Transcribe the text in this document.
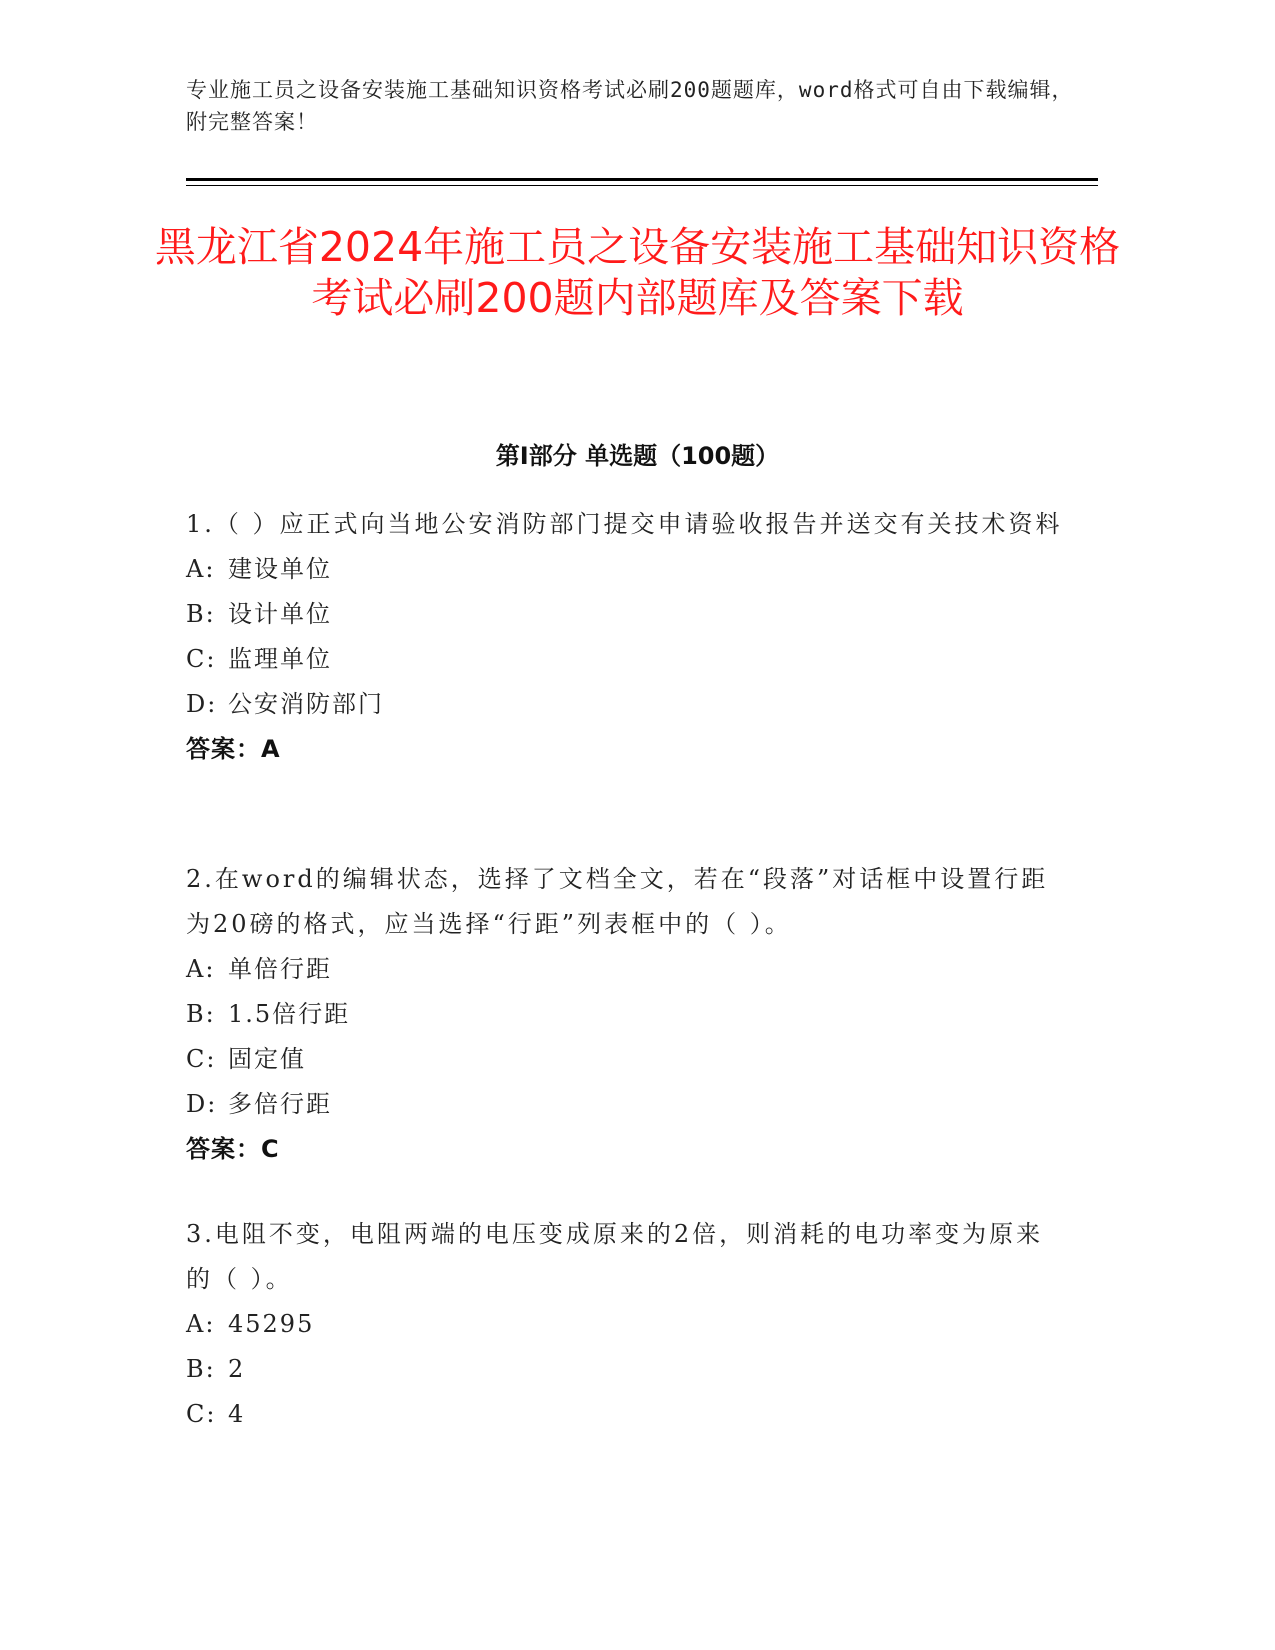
专业施工员之设备安装施工基础知识资格考试必刷200题题库，word格式可自由下载编辑，附完整答案！
黑龙江省2024年施工员之设备安装施工基础知识资格考试必刷200题内部题库及答案下载
第I部分 单选题（100题）
1.（ ）应正式向当地公安消防部门提交申请验收报告并送交有关技术资料
A: 建设单位
B: 设计单位
C: 监理单位
D: 公安消防部门
答案：A
2.在word的编辑状态，选择了文档全文，若在“段落”对话框中设置行距为20磅的格式，应当选择“行距”列表框中的（ ）。
A: 单倍行距
B: 1.5倍行距
C: 固定值
D: 多倍行距
答案：C
3.电阻不变，电阻两端的电压变成原来的2倍，则消耗的电功率变为原来的（ ）。
A: 45295
B: 2
C: 4
